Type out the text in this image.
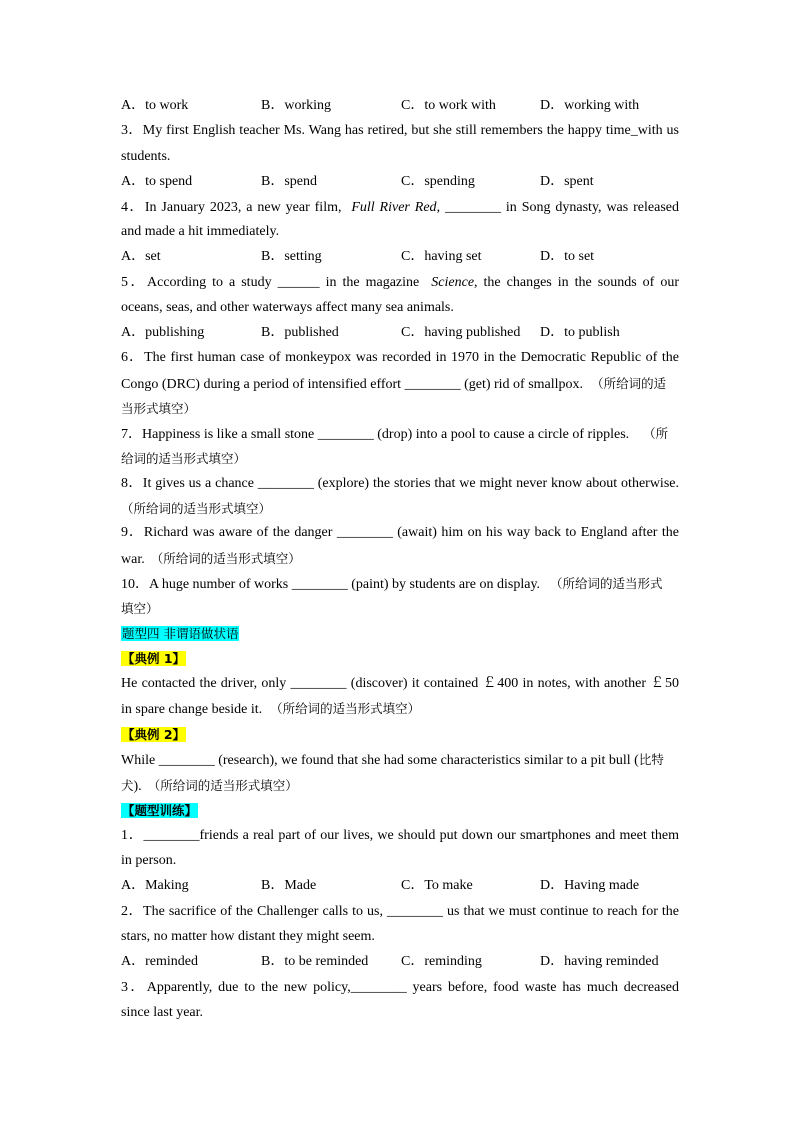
A．to work	B．working	C．to work with	D．working with
3．My first English teacher Ms. Wang has retired, but she still remembers the happy time_with us
students.
A．to spend	B．spend	C．spending	D．spent
4．In January 2023, a new year film, Full River Red, ________ in Song dynasty, was released
and made a hit immediately.
A．set	B．setting	C．having set	D．to set
5．According to a study ______ in the magazine Science, the changes in the sounds of our
oceans, seas, and other waterways affect many sea animals.
A．publishing	B．published	C．having published D．to publish
6．The first human case of monkeypox was recorded in 1970 in the Democratic Republic of the
Congo (DRC) during a period of intensified effort ________ (get) rid of smallpox. （所给词的适
当形式填空）
7．Happiness is like a small stone ________ (drop) into a pool to cause a circle of ripples. （所
给词的适当形式填空）
8．It gives us a chance ________ (explore) the stories that we might never know about otherwise.
（所给词的适当形式填空）
9．Richard was aware of the danger ________ (await) him on his way back to England after the
war. （所给词的适当形式填空）
10．A huge number of works ________ (paint) by students are on display. （所给词的适当形式
填空）
题型四 非谓语做状语
【典例 1】
He contacted the driver, only ________ (discover) it contained ￡400 in notes, with another ￡50
in spare change beside it. （所给词的适当形式填空）
【典例 2】
While ________ (research), we found that she had some characteristics similar to a pit bull (比特
犬). （所给词的适当形式填空）
【题型训练】
1．________friends a real part of our lives, we should put down our smartphones and meet them
in person.
A．Making	B．Made	C．To make	D．Having made
2．The sacrifice of the Challenger calls to us, ________ us that we must continue to reach for the
stars, no matter how distant they might seem.
A．reminded	B．to be reminded C．reminding	D．having reminded
3．Apparently, due to the new policy,________ years before, food waste has much decreased
since last year.
